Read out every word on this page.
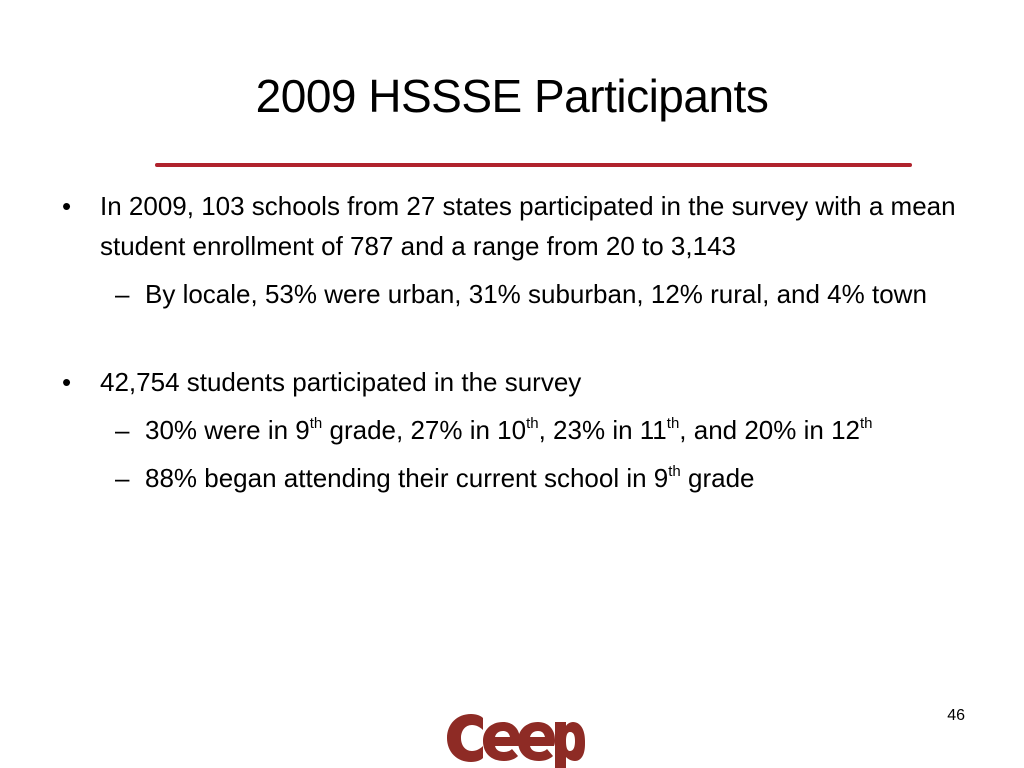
2009 HSSSE Participants
• In 2009, 103 schools from 27 states participated in the survey with a mean student enrollment of 787 and a range from 20 to 3,143
– By locale, 53% were urban, 31% suburban, 12% rural, and 4% town
• 42,754 students participated in the survey
– 30% were in 9th grade, 27% in 10th, 23% in 11th, and 20% in 12th
– 88% began attending their current school in 9th grade
46
